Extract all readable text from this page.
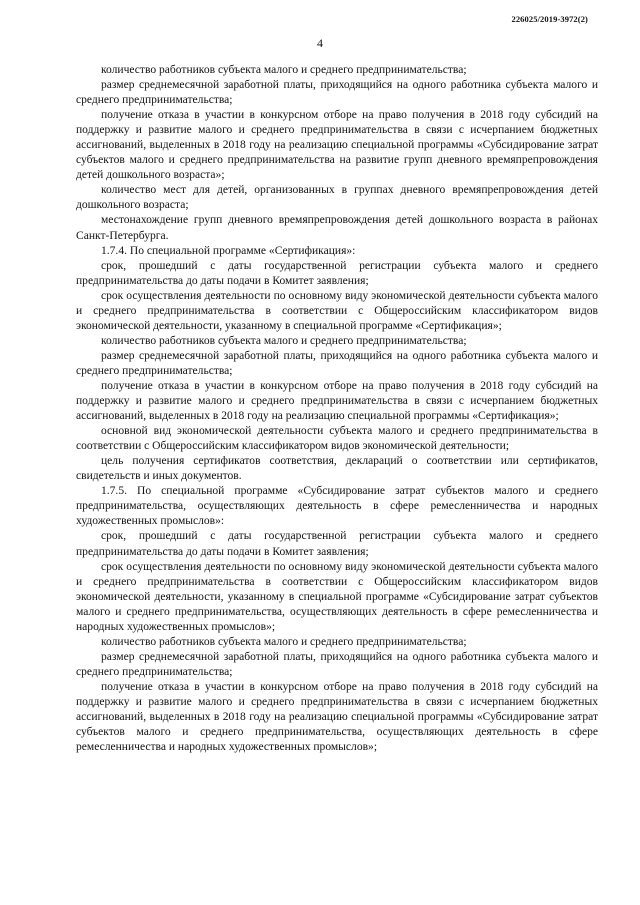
226025/2019-3972(2)
4

количество работников субъекта малого и среднего предпринимательства;

размер среднемесячной заработной платы, приходящийся на одного работника субъекта малого и среднего предпринимательства;

получение отказа в участии в конкурсном отборе на право получения в 2018 году субсидий на поддержку и развитие малого и среднего предпринимательства в связи с исчерпанием бюджетных ассигнований, выделенных в 2018 году на реализацию специальной программы «Субсидирование затрат субъектов малого и среднего предпринимательства на развитие групп дневного времяпрепровождения детей дошкольного возраста»;

количество мест для детей, организованных в группах дневного времяпрепровождения детей дошкольного возраста;

местонахождение групп дневного времяпрепровождения детей дошкольного возраста в районах Санкт-Петербурга.

1.7.4. По специальной программе «Сертификация»:

срок, прошедший с даты государственной регистрации субъекта малого и среднего предпринимательства до даты подачи в Комитет заявления;

срок осуществления деятельности по основному виду экономической деятельности субъекта малого и среднего предпринимательства в соответствии с Общероссийским классификатором видов экономической деятельности, указанному в специальной программе «Сертификация»;

количество работников субъекта малого и среднего предпринимательства;

размер среднемесячной заработной платы, приходящийся на одного работника субъекта малого и среднего предпринимательства;

получение отказа в участии в конкурсном отборе на право получения в 2018 году субсидий на поддержку и развитие малого и среднего предпринимательства в связи с исчерпанием бюджетных ассигнований, выделенных в 2018 году на реализацию специальной программы «Сертификация»;

основной вид экономической деятельности субъекта малого и среднего предпринимательства в соответствии с Общероссийским классификатором видов экономической деятельности;

цель получения сертификатов соответствия, деклараций о соответствии или сертификатов, свидетельств и иных документов.

1.7.5. По специальной программе «Субсидирование затрат субъектов малого и среднего предпринимательства, осуществляющих деятельность в сфере ремесленничества и народных художественных промыслов»:

срок, прошедший с даты государственной регистрации субъекта малого и среднего предпринимательства до даты подачи в Комитет заявления;

срок осуществления деятельности по основному виду экономической деятельности субъекта малого и среднего предпринимательства в соответствии с Общероссийским классификатором видов экономической деятельности, указанному в специальной программе «Субсидирование затрат субъектов малого и среднего предпринимательства, осуществляющих деятельность в сфере ремесленничества и народных художественных промыслов»;

количество работников субъекта малого и среднего предпринимательства;

размер среднемесячной заработной платы, приходящийся на одного работника субъекта малого и среднего предпринимательства;

получение отказа в участии в конкурсном отборе на право получения в 2018 году субсидий на поддержку и развитие малого и среднего предпринимательства в связи с исчерпанием бюджетных ассигнований, выделенных в 2018 году на реализацию специальной программы «Субсидирование затрат субъектов малого и среднего предпринимательства, осуществляющих деятельность в сфере ремесленничества и народных художественных промыслов»;
